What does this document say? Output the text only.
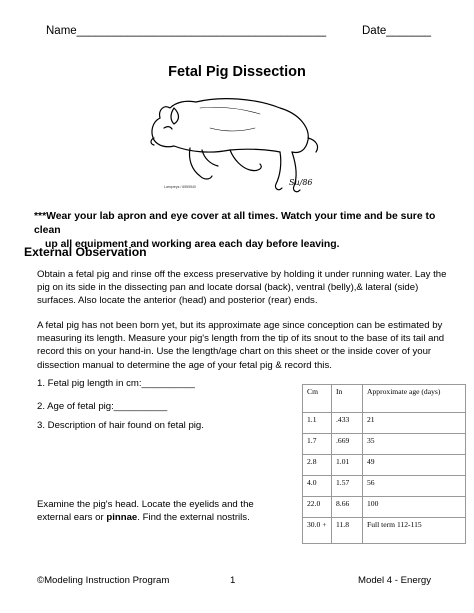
Name_______________________________________	Date_______
Fetal Pig Dissection
Lampreys / 6559540	Su/86
***Wear your lab apron and eye cover at all times. Watch your time and be sure to clean
up all equipment and working area each day before leaving.
External Observation
Obtain a fetal pig and rinse off the excess preservative by holding it under running water. Lay the pig on its side in the dissecting pan and locate dorsal (back), ventral (belly),& lateral (side) surfaces. Also locate the anterior (head) and posterior (rear) ends.
A fetal pig has not been born yet, but its approximate age since conception can be estimated by measuring its length. Measure your pig's length from the tip of its snout to the base of its tail and record this on your hand-in. Use the length/age chart on this sheet or the inside cover of your dissection manual to determine the age of your fetal pig & record this.
1. Fetal pig length in cm:__________
2. Age of fetal pig:__________
3. Description of hair found on fetal pig.
Examine the pig's head. Locate the eyelids and the external ears or pinnae. Find the external nostrils.
Cm	In	Approximate age (days)
1.1	.433	21
1.7	.669	35
2.8	1.01	49
4.0	1.57	56
22.0	8.66	100
30.0 +	11.8	Full term 112-115
©Modeling Instruction Program	1	Model 4 - Energy
